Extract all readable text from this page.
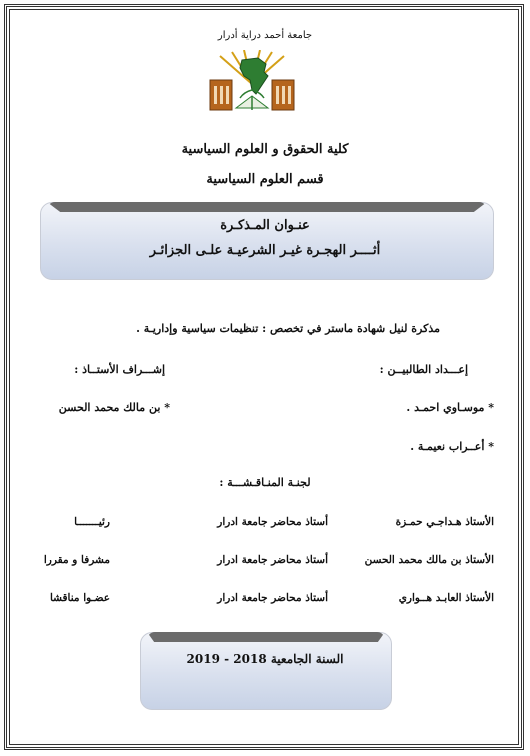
جامعة أحمد دراية أدرار
كلية الحقوق و العلوم السياسية
قسم العلوم السياسية
عنـوان المـذكـرة
أثــــر الهجـرة غيـر الشرعيـة علـى الجزائـر
مذكرة لنيل شهادة ماستر في تخصص : تنظيمات سياسية وإداريـة .
إعـــداد الطالبيــن :
إشـــراف الأستــاذ :
* موسـاوي احمـد .
* بن مالك محمد الحسن
* أعــراب نعيمـة .
لجنـة المنـاقـشـــة :
الأستاذ هـداجـي حمـزة
أستاذ محاضر جامعة ادرار
رئيـــــــا
الأستاذ بن مالك محمد الحسن
أستاذ محاضر جامعة ادرار
مشرفا و مقررا
الأستاذ العابـد هــواري
أستاذ محاضر جامعة ادرار
عضـوا مناقشا
السنة الجامعية 2018 - 2019
